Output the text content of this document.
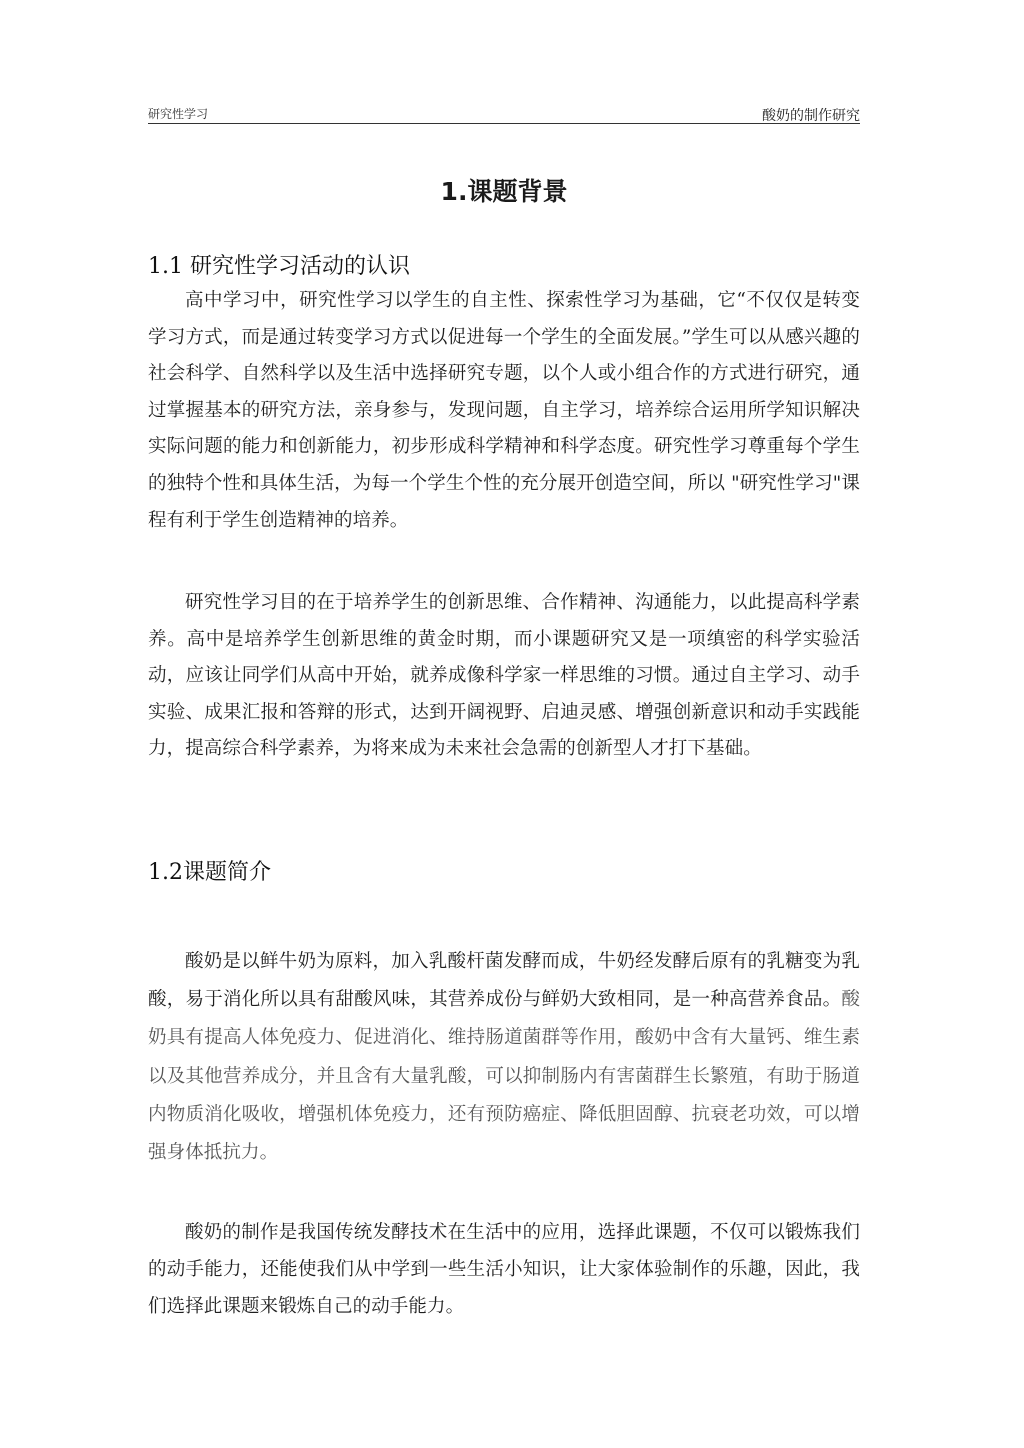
研究性学习	酸奶的制作研究
1.课题背景
1.1 研究性学习活动的认识

高中学习中，研究性学习以学生的自主性、探索性学习为基础，它“不仅仅是转变学习方式，而是通过转变学习方式以促进每一个学生的全面发展。”学生可以从感兴趣的社会科学、自然科学以及生活中选择研究专题，以个人或小组合作的方式进行研究，通过掌握基本的研究方法，亲身参与，发现问题，自主学习，培养综合运用所学知识解决实际问题的能力和创新能力，初步形成科学精神和科学态度。研究性学习尊重每个学生的独特个性和具体生活，为每一个学生个性的充分展开创造空间，所以 "研究性学习"课程有利于学生创造精神的培养。

研究性学习目的在于培养学生的创新思维、合作精神、沟通能力，以此提高科学素养。高中是培养学生创新思维的黄金时期，而小课题研究又是一项缜密的科学实验活动，应该让同学们从高中开始，就养成像科学家一样思维的习惯。通过自主学习、动手实验、成果汇报和答辩的形式，达到开阔视野、启迪灵感、增强创新意识和动手实践能力，提高综合科学素养，为将来成为未来社会急需的创新型人才打下基础。

1.2课题简介

酸奶是以鲜牛奶为原料，加入乳酸杆菌发酵而成，牛奶经发酵后原有的乳糖变为乳酸，易于消化所以具有甜酸风味，其营养成份与鲜奶大致相同，是一种高营养食品。酸奶具有提高人体免疫力、促进消化、维持肠道菌群等作用，酸奶中含有大量钙、维生素以及其他营养成分，并且含有大量乳酸，可以抑制肠内有害菌群生长繁殖，有助于肠道内物质消化吸收，增强机体免疫力，还有预防癌症、降低胆固醇、抗衰老功效，可以增强身体抵抗力。

酸奶的制作是我国传统发酵技术在生活中的应用，选择此课题，不仅可以锻炼我们的动手能力，还能使我们从中学到一些生活小知识，让大家体验制作的乐趣，因此，我们选择此课题来锻炼自己的动手能力。
